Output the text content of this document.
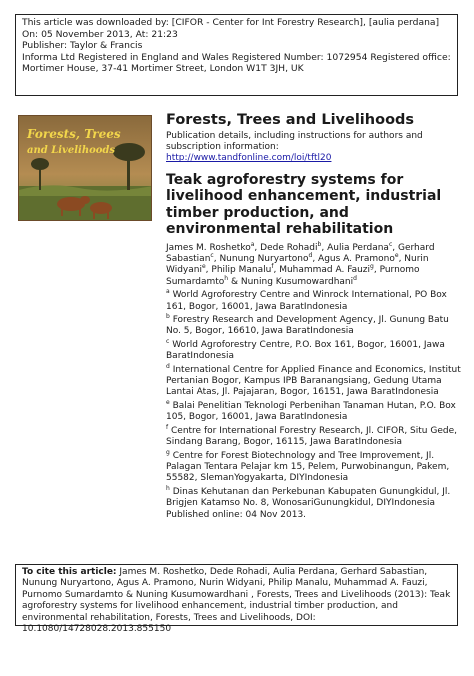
This article was downloaded by: [CIFOR - Center for Int Forestry Research], [aulia perdana]
On: 05 November 2013, At: 21:23
Publisher: Taylor & Francis
Informa Ltd Registered in England and Wales Registered Number: 1072954 Registered office: Mortimer House, 37-41 Mortimer Street, London W1T 3JH, UK
Forests, Trees
and Livelihoods
Forests, Trees and Livelihoods
Publication details, including instructions for authors and subscription information:
http://www.tandfonline.com/loi/tftl20
Teak agroforestry systems for livelihood enhancement, industrial timber production, and environmental rehabilitation
James M. Roshetko$^a$, Dede Rohadi$^b$, Aulia Perdana$^c$, Gerhard Sabastian$^c$, Nunung Nuryartono$^d$, Agus A. Pramono$^e$, Nurin Widyani$^e$, Philip Manalu$^f$, Muhammad A. Fauzi$^g$, Purnomo Sumardamto$^h$ & Nuning Kusumowardhani$^d$
$^a$ World Agroforestry Centre and Winrock International, PO Box 161, Bogor, 16001, Jawa BaratIndonesia
$^b$ Forestry Research and Development Agency, Jl. Gunung Batu No. 5, Bogor, 16610, Jawa BaratIndonesia
$^c$ World Agroforestry Centre, P.O. Box 161, Bogor, 16001, Jawa BaratIndonesia
$^d$ International Centre for Applied Finance and Economics, Institut Pertanian Bogor, Kampus IPB Baranangsiang, Gedung Utama Lantai Atas, Jl. Pajajaran, Bogor, 16151, Jawa BaratIndonesia
$^e$ Balai Penelitian Teknologi Perbenihan Tanaman Hutan, P.O. Box 105, Bogor, 16001, Jawa BaratIndonesia
$^f$ Centre for International Forestry Research, Jl. CIFOR, Situ Gede, Sindang Barang, Bogor, 16115, Jawa BaratIndonesia
$^g$ Centre for Forest Biotechnology and Tree Improvement, Jl. Palagan Tentara Pelajar km 15, Pelem, Purwobinangun, Pakem, 55582, SlemanYogyakarta, DIYIndonesia
$^h$ Dinas Kehutanan dan Perkebunan Kabupaten Gunungkidul, Jl. Brigjen Katamso No. 8, WonosariGunungkidul, DIYIndonesia
Published online: 04 Nov 2013.
To cite this article: James M. Roshetko, Dede Rohadi, Aulia Perdana, Gerhard Sabastian, Nunung Nuryartono, Agus A. Pramono, Nurin Widyani, Philip Manalu, Muhammad A. Fauzi, Purnomo Sumardamto & Nuning Kusumowardhani , Forests, Trees and Livelihoods (2013): Teak agroforestry systems for livelihood enhancement, industrial timber production, and environmental rehabilitation, Forests, Trees and Livelihoods, DOI: 10.1080/14728028.2013.855150
